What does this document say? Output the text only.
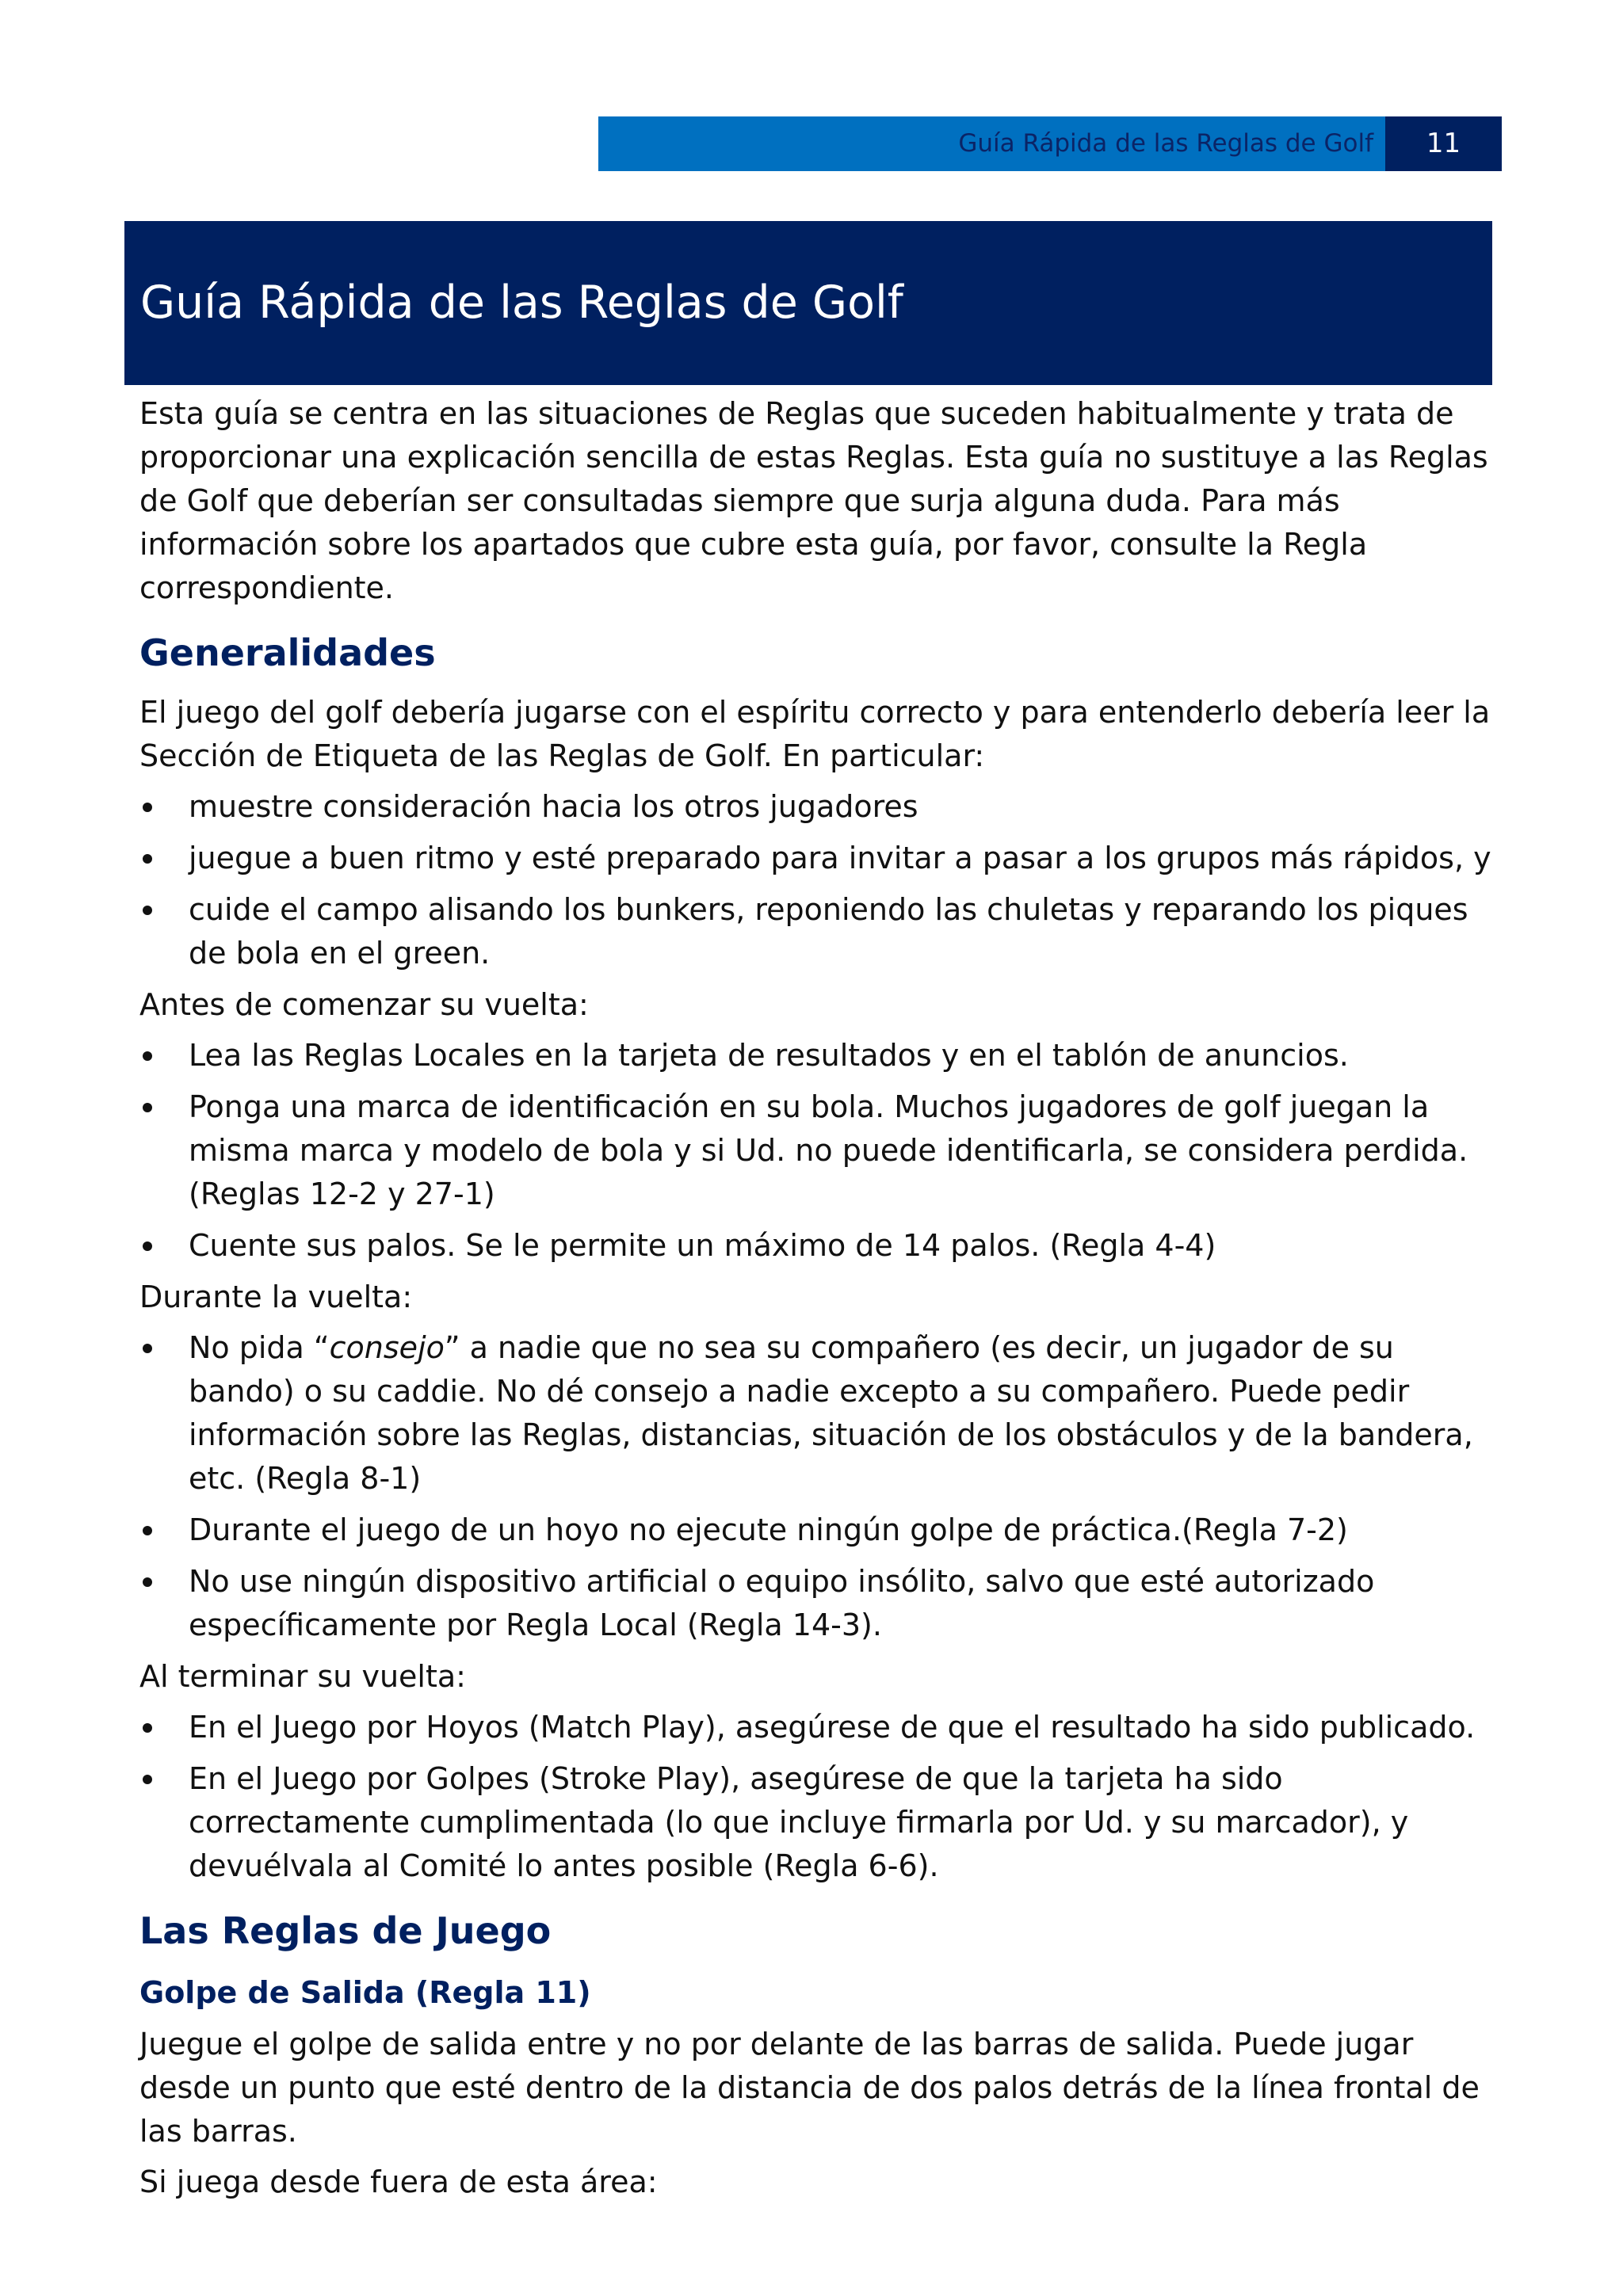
Guía Rápida de las Reglas de Golf	11
Guía Rápida de las Reglas de Golf

Esta guía se centra en las situaciones de Reglas que suceden habitualmente y trata de proporcionar una explicación sencilla de estas Reglas. Esta guía no sustituye a las Reglas de Golf que deberían ser consultadas siempre que surja alguna duda. Para más información sobre los apartados que cubre esta guía, por favor, consulte la Regla correspondiente.

Generalidades

El juego del golf debería jugarse con el espíritu correcto y para entenderlo debería leer la Sección de Etiqueta de las Reglas de Golf. En particular:

muestre consideración hacia los otros jugadores
juegue a buen ritmo y esté preparado para invitar a pasar a los grupos más rápidos, y
cuide el campo alisando los bunkers, reponiendo las chuletas y reparando los piques de bola en el green.

Antes de comenzar su vuelta:

Lea las Reglas Locales en la tarjeta de resultados y en el tablón de anuncios.
Ponga una marca de identificación en su bola. Muchos jugadores de golf juegan la misma marca y modelo de bola y si Ud. no puede identificarla, se considera perdida. (Reglas 12-2 y 27-1)
Cuente sus palos. Se le permite un máximo de 14 palos. (Regla 4-4)

Durante la vuelta:

No pida “consejo” a nadie que no sea su compañero (es decir, un jugador de su bando) o su caddie. No dé consejo a nadie excepto a su compañero. Puede pedir información sobre las Reglas, distancias, situación de los obstáculos y de la bandera, etc. (Regla 8-1)
Durante el juego de un hoyo no ejecute ningún golpe de práctica.(Regla 7-2)
No use ningún dispositivo artificial o equipo insólito, salvo que esté autorizado específicamente por Regla Local (Regla 14-3).

Al terminar su vuelta:

En el Juego por Hoyos (Match Play), asegúrese de que el resultado ha sido publicado.
En el Juego por Golpes (Stroke Play), asegúrese de que la tarjeta ha sido correctamente cumplimentada (lo que incluye firmarla por Ud. y su marcador), y devuélvala al Comité lo antes posible (Regla 6-6).
Las Reglas de Juego
Golpe de Salida (Regla 11)

Juegue el golpe de salida entre y no por delante de las barras de salida. Puede jugar desde un punto que esté dentro de la distancia de dos palos detrás de la línea frontal de las barras.

Si juega desde fuera de esta área:
